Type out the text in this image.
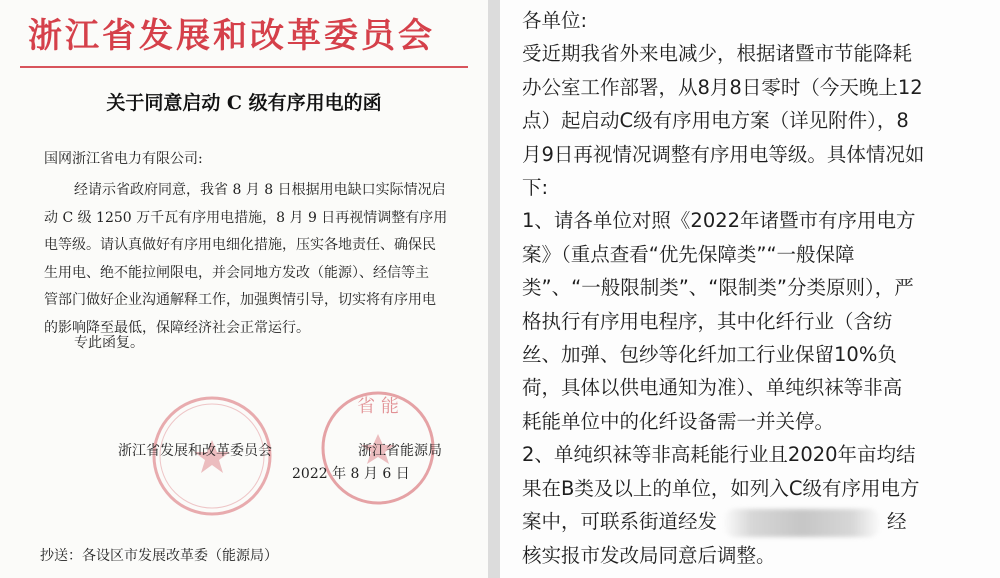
浙江省发展和改革委员会
关于同意启动 C 级有序用电的函
国网浙江省电力有限公司:
经请示省政府同意，我省 8 月 8 日根据用电缺口实际情况启
动 C 级 1250 万千瓦有序用电措施，8 月 9 日再视情调整有序用
电等级。请认真做好有序用电细化措施，压实各地责任、确保民
生用电、绝不能拉闸限电，并会同地方发改（能源）、经信等主
管部门做好企业沟通解释工作，加强舆情引导，切实将有序用电
的影响降至最低，保障经济社会正常运行。
专此函复。
省 能
浙江省发展和改革委员会	浙江省能源局
2022 年 8 月 6 日
抄送：各设区市发展改革委（能源局）
各单位:
受近期我省外来电减少，根据诸暨市节能降耗
办公室工作部署，从8月8日零时（今天晚上12
点）起启动C级有序用电方案（详见附件），8
月9日再视情况调整有序用电等级。具体情况如
下:
1、请各单位对照《2022年诸暨市有序用电方
案》（重点查看“优先保障类”“一般保障
类”、“一般限制类”、“限制类”分类原则），严
格执行有序用电程序，其中化纤行业（含纺
丝、加弹、包纱等化纤加工行业保留10%负
荷，具体以供电通知为准）、单纯织袜等非高
耗能单位中的化纤设备需一并关停。
2、单纯织袜等非高耗能行业且2020年亩均结
果在B类及以上的单位，如列入C级有序用电方
案中，可联系街道经发	经
核实报市发改局同意后调整。
